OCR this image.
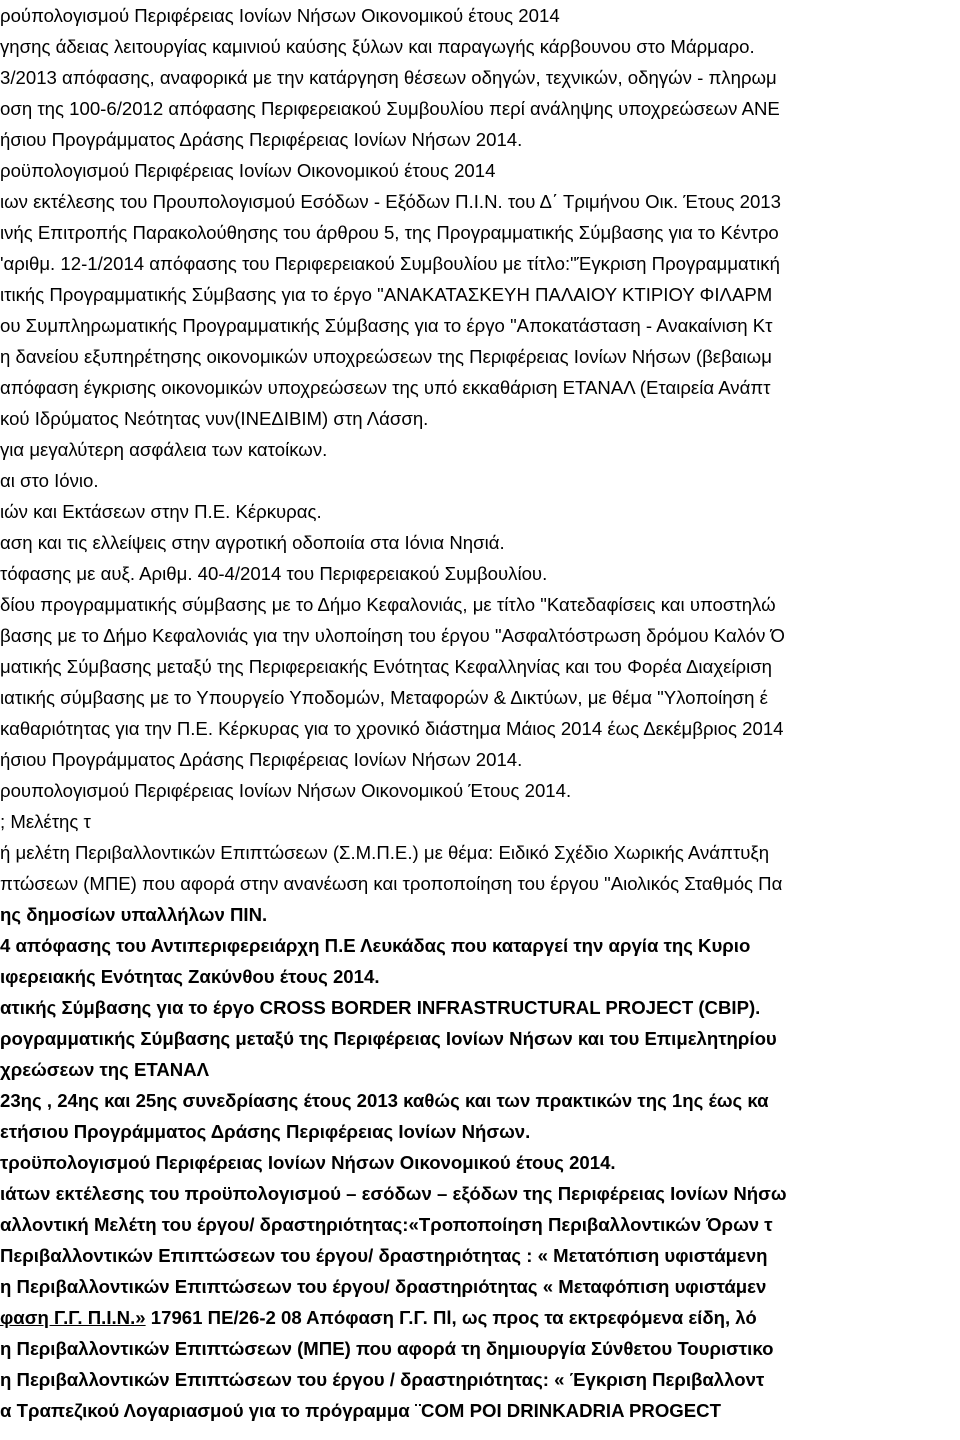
ρούπολογισμού Περιφέρειας Ιονίων Νήσων Οικονομικού έτους 2014
γησης άδειας λειτουργίας καμινιού καύσης ξύλων και παραγωγής κάρβουνου στο Μάρμαρο.
3/2013 απόφασης, αναφορικά με την κατάργηση θέσεων οδηγών, τεχνικών, οδηγών - πληρωμ
οση της 100-6/2012 απόφασης Περιφερειακού Συμβουλίου περί ανάληψης υποχρεώσεων ΑΝΕ
ήσιου Προγράμματος Δράσης Περιφέρειας Ιονίων Νήσων 2014.
ροϋπολογισμού Περιφέρειας Ιονίων Οικονομικού έτους 2014
ιων εκτέλεσης του Προυπολογισμού Εσόδων - Εξόδων Π.Ι.Ν. του Δ΄ Τριμήνου Οικ. Έτους 2013
ινής Επιτροπής Παρακολούθησης του άρθρου 5, της Προγραμματικής Σύμβασης για το Κέντρο
'αριθμ. 12-1/2014 απόφασης του Περιφερειακού Συμβουλίου με τίτλο:"Έγκριση Προγραμματική
ιτικής Προγραμματικής Σύμβασης για το έργο "ΑΝΑΚΑΤΑΣΚΕΥΗ ΠΑΛΑΙΟΥ ΚΤΙΡΙΟΥ ΦΙΛΑΡΜ
ου Συμπληρωματικής Προγραμματικής Σύμβασης για το έργο "Αποκατάσταση - Ανακαίνιση Κτ
η δανείου εξυπηρέτησης οικονομικών υποχρεώσεων της Περιφέρειας Ιονίων Νήσων (βεβαιωμ
απόφαση έγκρισης οικονομικών υποχρεώσεων της υπό εκκαθάριση ΕΤΑΝΑΛ (Εταιρεία Ανάπτ
κού Ιδρύματος Νεότητας νυν(ΙΝΕΔΙΒΙΜ) στη Λάσση.
για μεγαλύτερη ασφάλεια των κατοίκων.
αι στο Ιόνιο.
ιών και Εκτάσεων στην Π.Ε. Κέρκυρας.
αση και τις ελλείψεις στην αγροτική οδοποιία στα Ιόνια Νησιά.
τόφασης με αυξ. Αριθμ. 40-4/2014 του Περιφερειακού Συμβουλίου.
δίου προγραμματικής σύμβασης με το Δήμο Κεφαλονιάς, με τίτλο "Κατεδαφίσεις και υποστηλώ
βασης με το Δήμο Κεφαλονιάς για την υλοποίηση του έργου "Ασφαλτόστρωση δρόμου Καλόν Ό
ματικής Σύμβασης μεταξύ της Περιφερειακής Ενότητας Κεφαλληνίας και του Φορέα Διαχείριση
ιατικής σύμβασης με το Υπουργείο Υποδομών, Μεταφορών & Δικτύων, με θέμα "Υλοποίηση έ
καθαριότητας για την Π.Ε. Κέρκυρας για το χρονικό διάστημα Μάιος 2014 έως Δεκέμβριος 2014
ήσιου Προγράμματος Δράσης Περιφέρειας Ιονίων Νήσων 2014.
ρουπολογισμού Περιφέρειας Ιονίων Νήσων Οικονομικού Έτους 2014.
; Μελέτης τ
ή μελέτη Περιβαλλοντικών Επιπτώσεων (Σ.Μ.Π.Ε.) με θέμα: Ειδικό Σχέδιο Χωρικής Ανάπτυξη
πτώσεων (ΜΠΕ) που αφορά στην ανανέωση και τροποποίηση του έργου "Αιολικός Σταθμός Πα
ης δημοσίων υπαλλήλων ΠΙΝ.
4 απόφασης του Αντιπεριφερειάρχη Π.Ε Λευκάδας που καταργεί την αργία της Κυριο
ιφερειακής Ενότητας Ζακύνθου έτους 2014.
ατικής Σύμβασης για το έργο CROSS BORDER INFRASTRUCTURAL PROJECT (CBIP).
ρογραμματικής Σύμβασης μεταξύ της Περιφέρειας Ιονίων Νήσων και του Επιμελητηρίου
χρεώσεων της ΕΤΑΝΑΛ
23ης , 24ης και 25ης συνεδρίασης έτους 2013 καθώς και των πρακτικών της 1ης έως κα
ετήσιου Προγράμματος Δράσης Περιφέρειας Ιονίων Νήσων.
τροϋπολογισμού Περιφέρειας Ιονίων Νήσων Οικονομικού έτους 2014.
ιάτων εκτέλεσης του προϋπολογισμού – εσόδων – εξόδων της Περιφέρειας Ιονίων Νήσω
αλλοντική Μελέτη του έργου/ δραστηριότητας:«Τροποποίηση Περιβαλλοντικών Όρων τ
Περιβαλλοντικών Επιπτώσεων του έργου/ δραστηριότητας : « Μετατόπιση υφιστάμενη
η Περιβαλλοντικών Επιπτώσεων του έργου/ δραστηριότητας « Μεταφόπιση υφιστάμεν
φαση Γ.Γ. Π.Ι.Ν.» 17961 ΠΕ/26-2 08 Απόφαση Γ.Γ. Πl, ως προς τα εκτρεφόμενα είδη, λό
η Περιβαλλοντικών Επιπτώσεων (ΜΠΕ) που αφορά τη δημιουργία Σύνθετου Τουριστικο
η Περιβαλλοντικών Επιπτώσεων του έργου / δραστηριότητας: « Έγκριση Περιβαλλοντ
α Τραπεζικού Λογαριασμού για το πρόγραμμα ¨COM POI DRINKADRIA PROGECT
